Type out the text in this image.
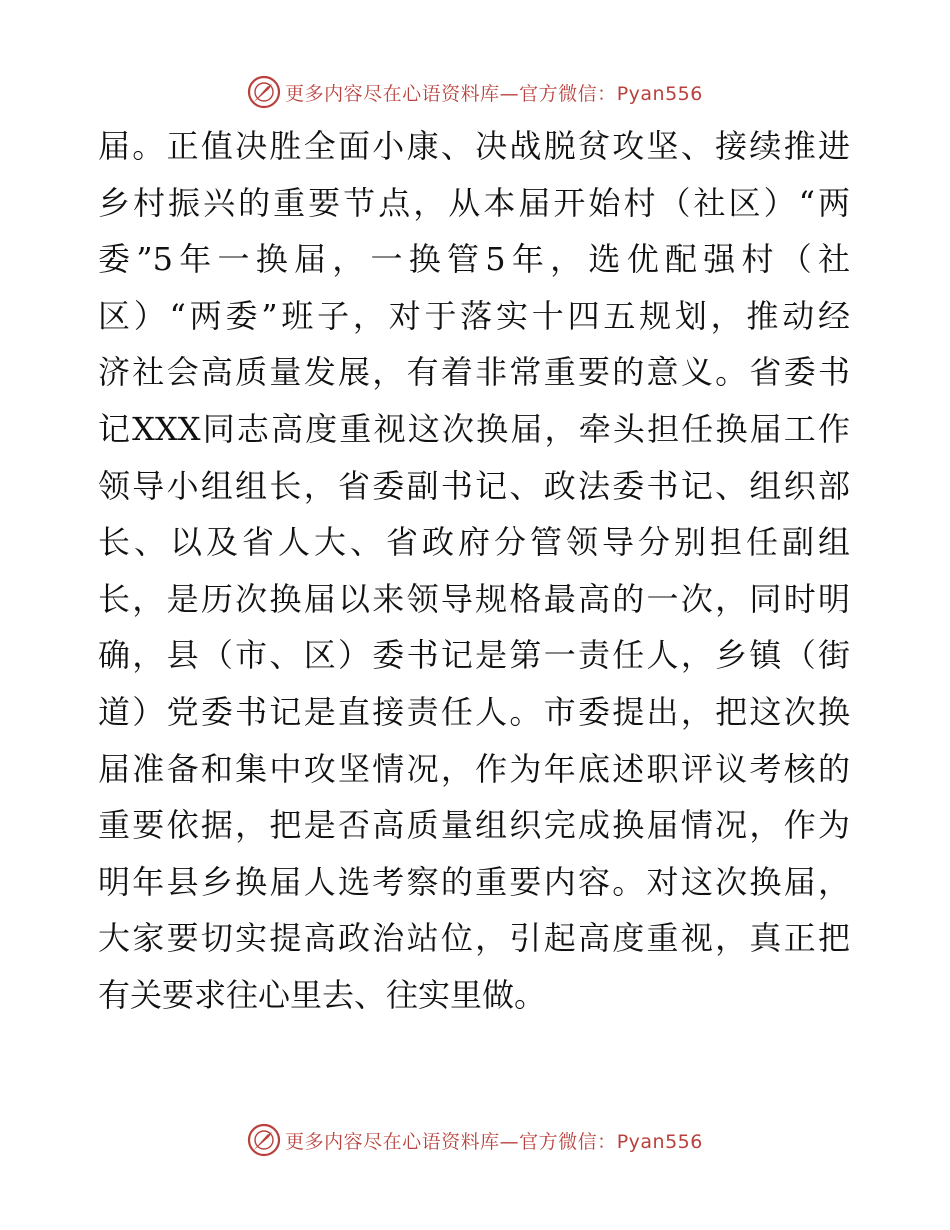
更多内容尽在心语资料库—官方微信：Pyan556
届。正值决胜全面小康、决战脱贫攻坚、接续推进
乡村振兴的重要节点，从本届开始村（社区）“两
委”5年一换届，一换管5年，选优配强村（社
区）“两委”班子，对于落实十四五规划，推动经
济社会高质量发展，有着非常重要的意义。省委书
记XXX同志高度重视这次换届，牵头担任换届工作
领导小组组长，省委副书记、政法委书记、组织部
长、以及省人大、省政府分管领导分别担任副组
长，是历次换届以来领导规格最高的一次，同时明
确，县（市、区）委书记是第一责任人，乡镇（街
道）党委书记是直接责任人。市委提出，把这次换
届准备和集中攻坚情况，作为年底述职评议考核的
重要依据，把是否高质量组织完成换届情况，作为
明年县乡换届人选考察的重要内容。对这次换届，
大家要切实提高政治站位，引起高度重视，真正把
有关要求往心里去、往实里做。
更多内容尽在心语资料库—官方微信：Pyan556
